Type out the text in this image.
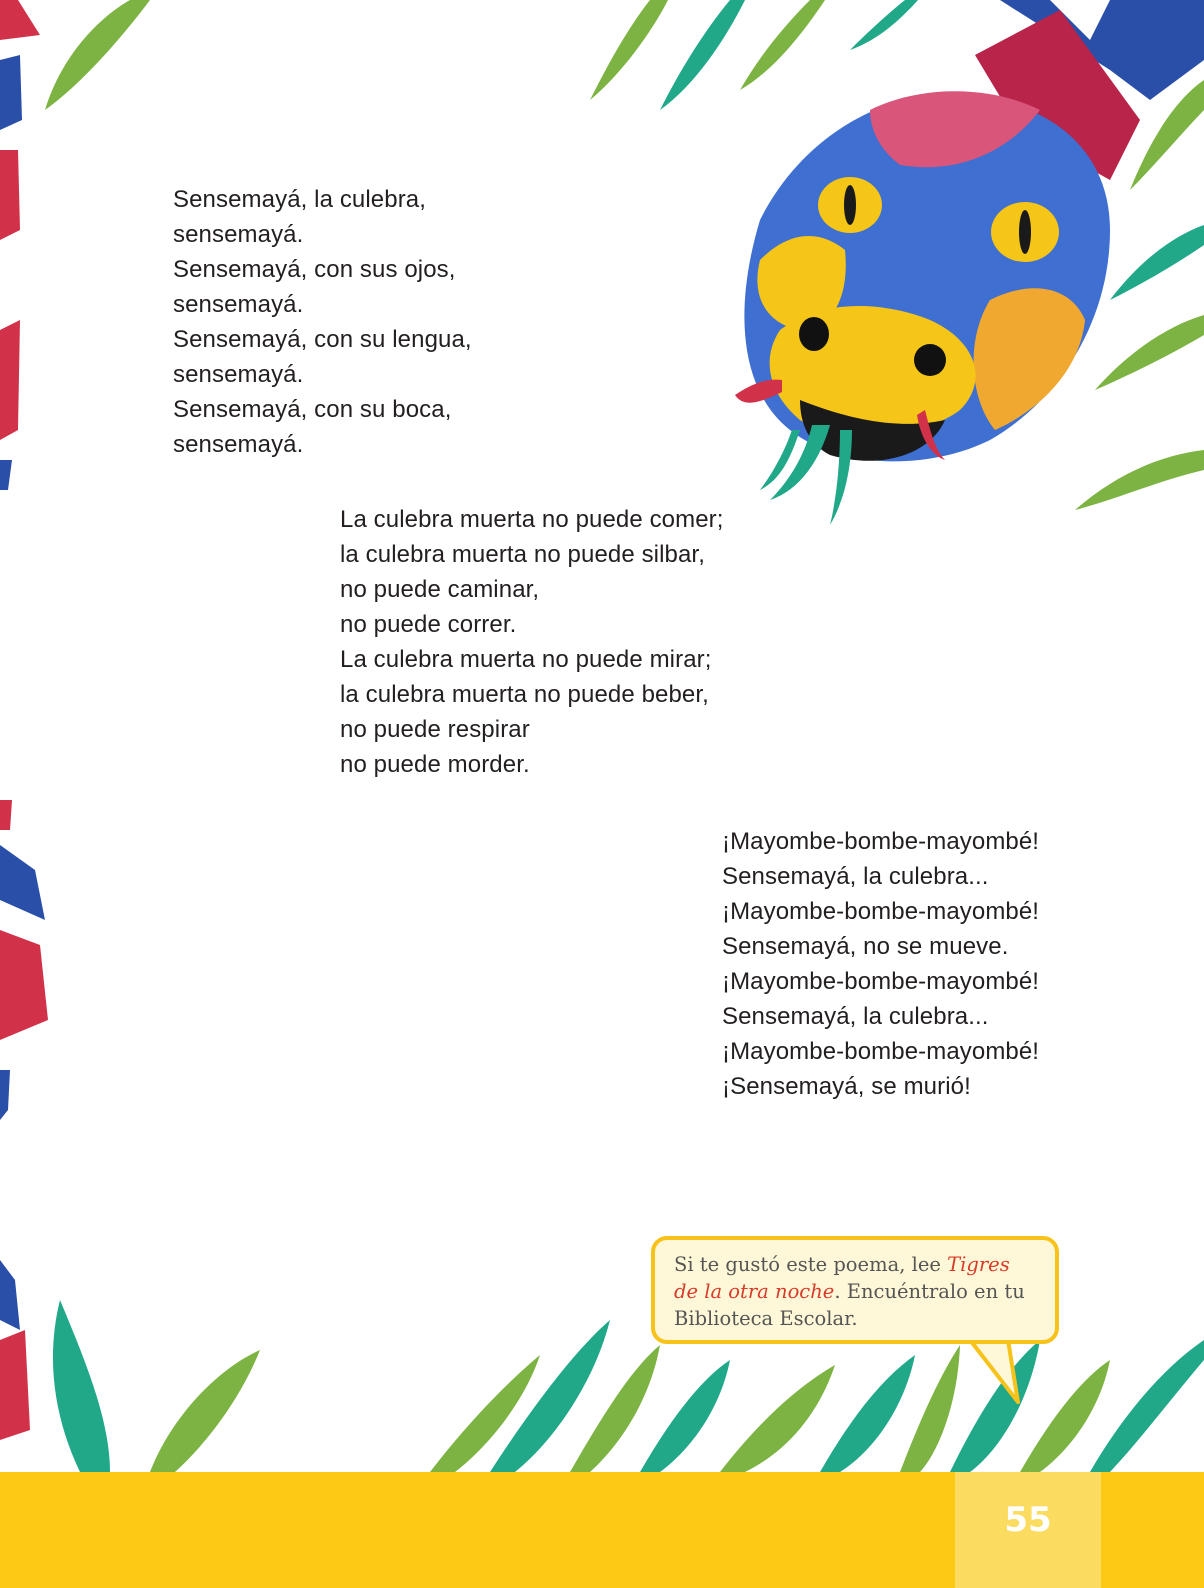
Sensemayá, la culebra,
sensemayá.
Sensemayá, con sus ojos,
sensemayá.
Sensemayá, con su lengua,
sensemayá.
Sensemayá, con su boca,
sensemayá.
La culebra muerta no puede comer;
la culebra muerta no puede silbar,
no puede caminar,
no puede correr.
La culebra muerta no puede mirar;
la culebra muerta no puede beber,
no puede respirar
no puede morder.
¡Mayombe-bombe-mayombé!
Sensemayá, la culebra...
¡Mayombe-bombe-mayombé!
Sensemayá, no se mueve.
¡Mayombe-bombe-mayombé!
Sensemayá, la culebra...
¡Mayombe-bombe-mayombé!
¡Sensemayá, se murió!
Si te gustó este poema, lee Tigres de la otra noche. Encuéntralo en tu Biblioteca Escolar.
55
